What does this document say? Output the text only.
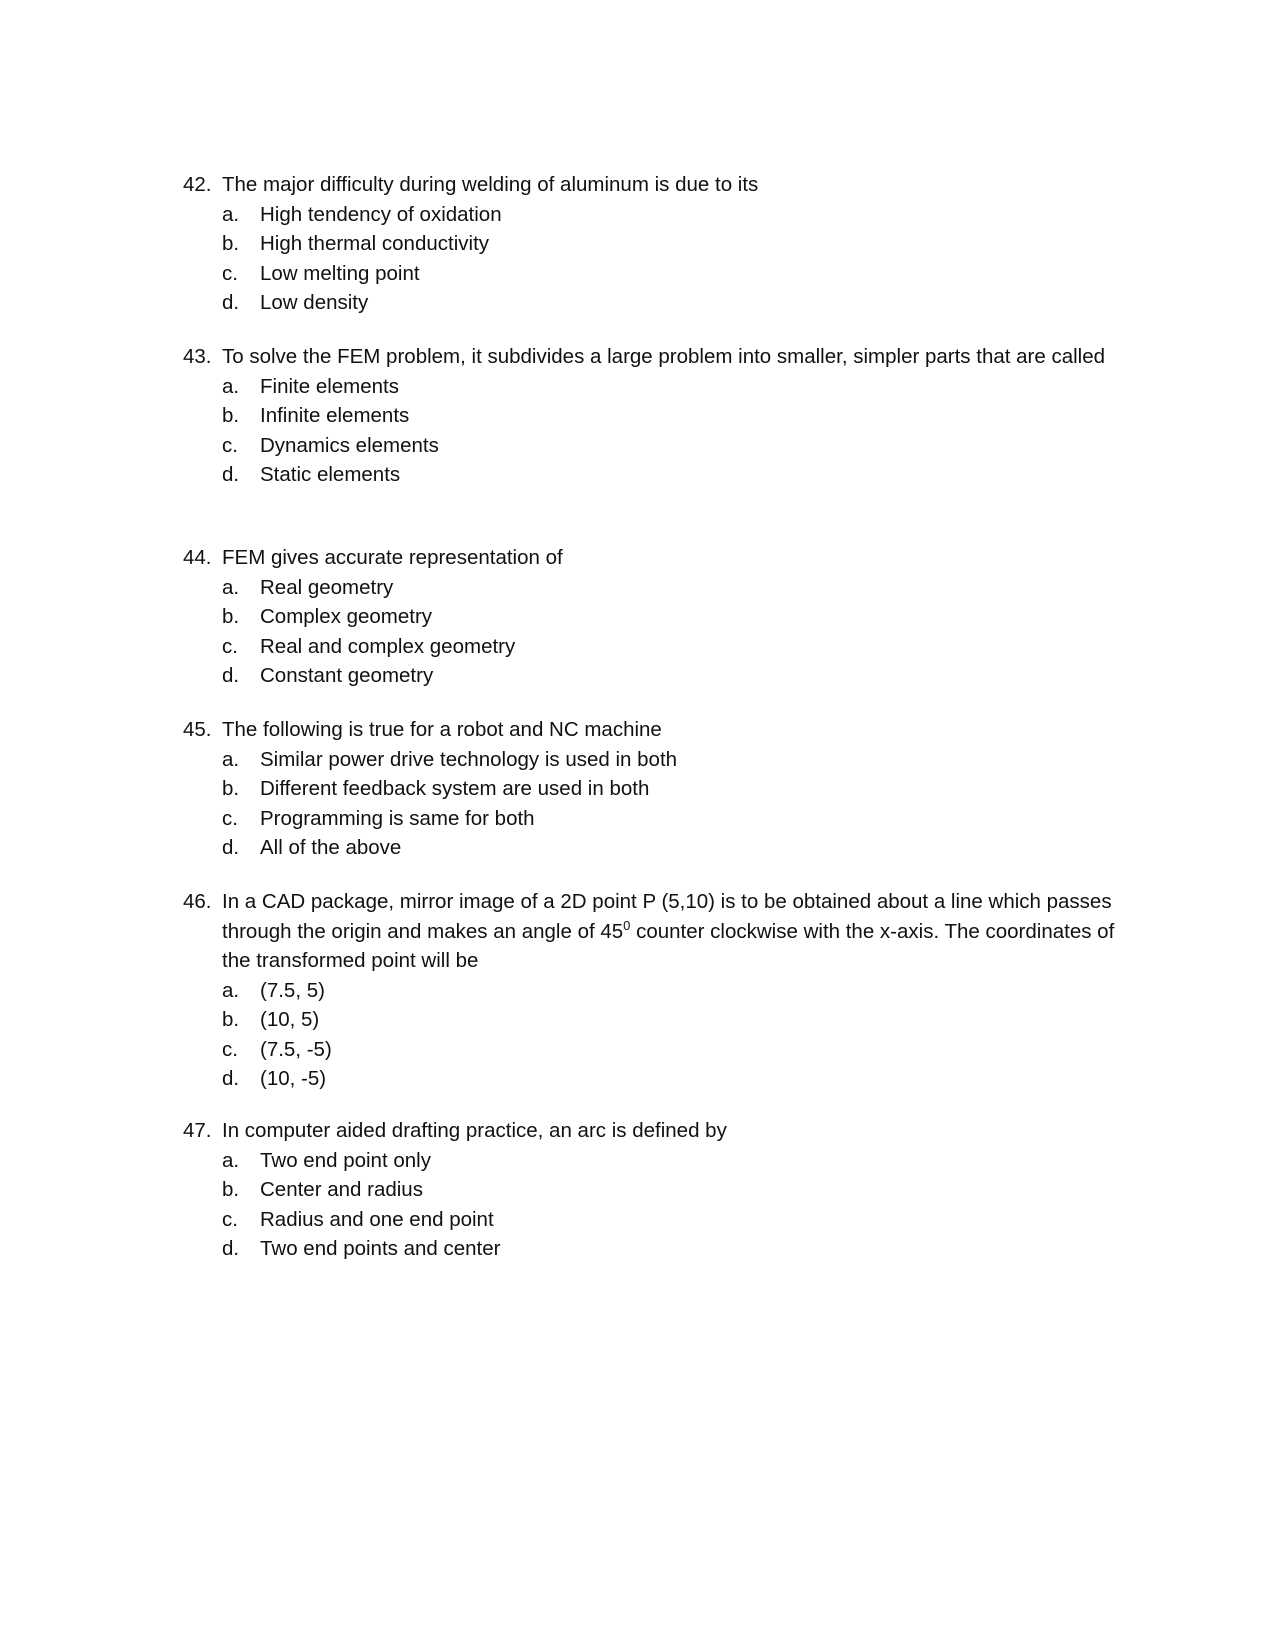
42. The major difficulty during welding of aluminum is due to its
a.	High tendency of oxidation
b.	High thermal conductivity
c.	Low melting point
d.	Low density
43. To solve the FEM problem, it subdivides a large problem into smaller, simpler parts that are called
a.	Finite elements
b.	Infinite elements
c.	Dynamics elements
d.	Static elements
44. FEM gives accurate representation of
a.	Real geometry
b.	Complex geometry
c.	Real and complex geometry
d.	Constant geometry
45. The following is true for a robot and NC machine
a.	Similar power drive technology is used in both
b.	Different feedback system are used in both
c.	Programming is same for both
d.	All of the above
46. In a CAD package, mirror image of a 2D point P (5,10) is to be obtained about a line which passes through the origin and makes an angle of $45^0$ counter clockwise with the x-axis. The coordinates of the transformed point will be
a.	(7.5, 5)
b.	(10, 5)
c.	(7.5, -5)
d.	(10, -5)
47. In computer aided drafting practice, an arc is defined by
a.	Two end point only
b.	Center and radius
c.	Radius and one end point
d.	Two end points and center
